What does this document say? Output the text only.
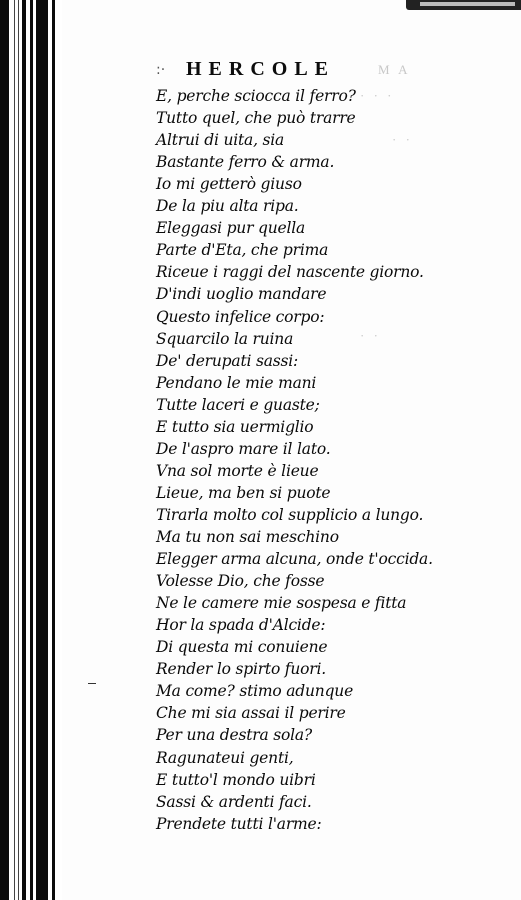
:· HERCOLE	M A
· · ·
· ·
· ·
E, perche sciocca il ferro?
Tutto quel, che può trarre
Altrui di uita, sia
Bastante ferro & arma.
Io mi getterò giuso
De la piu alta ripa.
Eleggasi pur quella
Parte d'Eta, che prima
Riceue i raggi del nascente giorno.
D'indi uoglio mandare
Questo infelice corpo:
Squarcilo la ruina
De' derupati sassi:
Pendano le mie mani
Tutte laceri e guaste;
E tutto sia uermiglio
De l'aspro mare il lato.
Vna sol morte è lieue
Lieue, ma ben si puote
Tirarla molto col supplicio a lungo.
Ma tu non sai meschino
Elegger arma alcuna, onde t'occida.
Volesse Dio, che fosse
Ne le camere mie sospesa e fitta
Hor la spada d'Alcide:
Di questa mi conuiene
Render lo spirto fuori.
Ma come? stimo adunque
Che mi sia assai il perire
Per una destra sola?
Ragunateui genti,
E tutto'l mondo uibri
Sassi & ardenti faci.
Prendete tutti l'arme:
